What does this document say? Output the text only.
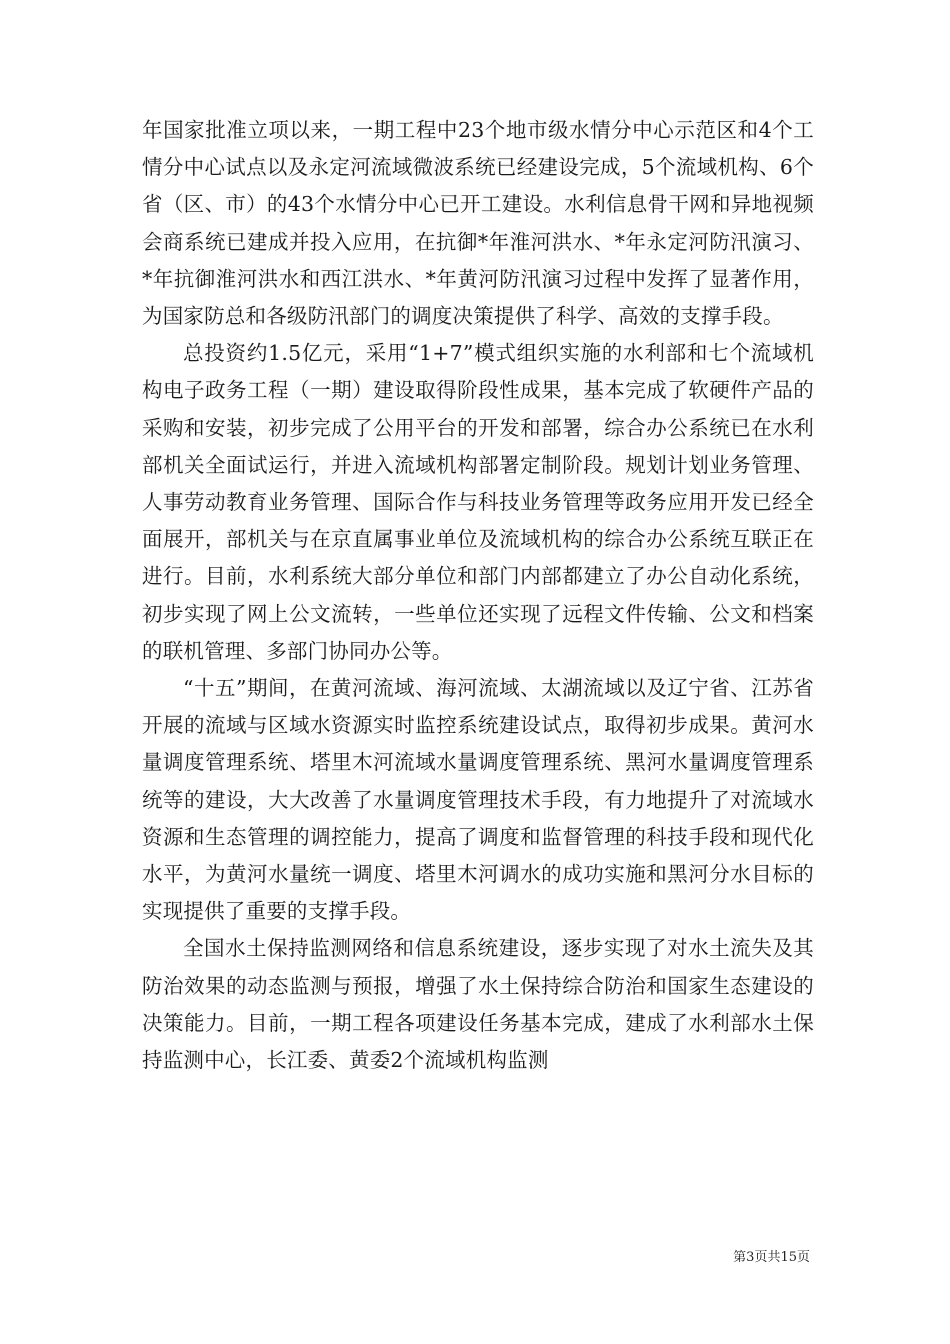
年国家批准立项以来，一期工程中23个地市级水情分中心示范区和4个工情分中心试点以及永定河流域微波系统已经建设完成，5个流域机构、6个省（区、市）的43个水情分中心已开工建设。水利信息骨干网和异地视频会商系统已建成并投入应用，在抗御*年淮河洪水、*年永定河防汛演习、*年抗御淮河洪水和西江洪水、*年黄河防汛演习过程中发挥了显著作用，为国家防总和各级防汛部门的调度决策提供了科学、高效的支撑手段。

总投资约1.5亿元，采用“1+7”模式组织实施的水利部和七个流域机构电子政务工程（一期）建设取得阶段性成果，基本完成了软硬件产品的采购和安装，初步完成了公用平台的开发和部署，综合办公系统已在水利部机关全面试运行，并进入流域机构部署定制阶段。规划计划业务管理、人事劳动教育业务管理、国际合作与科技业务管理等政务应用开发已经全面展开，部机关与在京直属事业单位及流域机构的综合办公系统互联正在进行。目前，水利系统大部分单位和部门内部都建立了办公自动化系统，初步实现了网上公文流转，一些单位还实现了远程文件传输、公文和档案的联机管理、多部门协同办公等。

“十五”期间，在黄河流域、海河流域、太湖流域以及辽宁省、江苏省开展的流域与区域水资源实时监控系统建设试点，取得初步成果。黄河水量调度管理系统、塔里木河流域水量调度管理系统、黑河水量调度管理系统等的建设，大大改善了水量调度管理技术手段，有力地提升了对流域水资源和生态管理的调控能力，提高了调度和监督管理的科技手段和现代化水平，为黄河水量统一调度、塔里木河调水的成功实施和黑河分水目标的实现提供了重要的支撑手段。

全国水土保持监测网络和信息系统建设，逐步实现了对水土流失及其防治效果的动态监测与预报，增强了水土保持综合防治和国家生态建设的决策能力。目前，一期工程各项建设任务基本完成，建成了水利部水土保持监测中心，长江委、黄委2个流域机构监测

第3页共15页
